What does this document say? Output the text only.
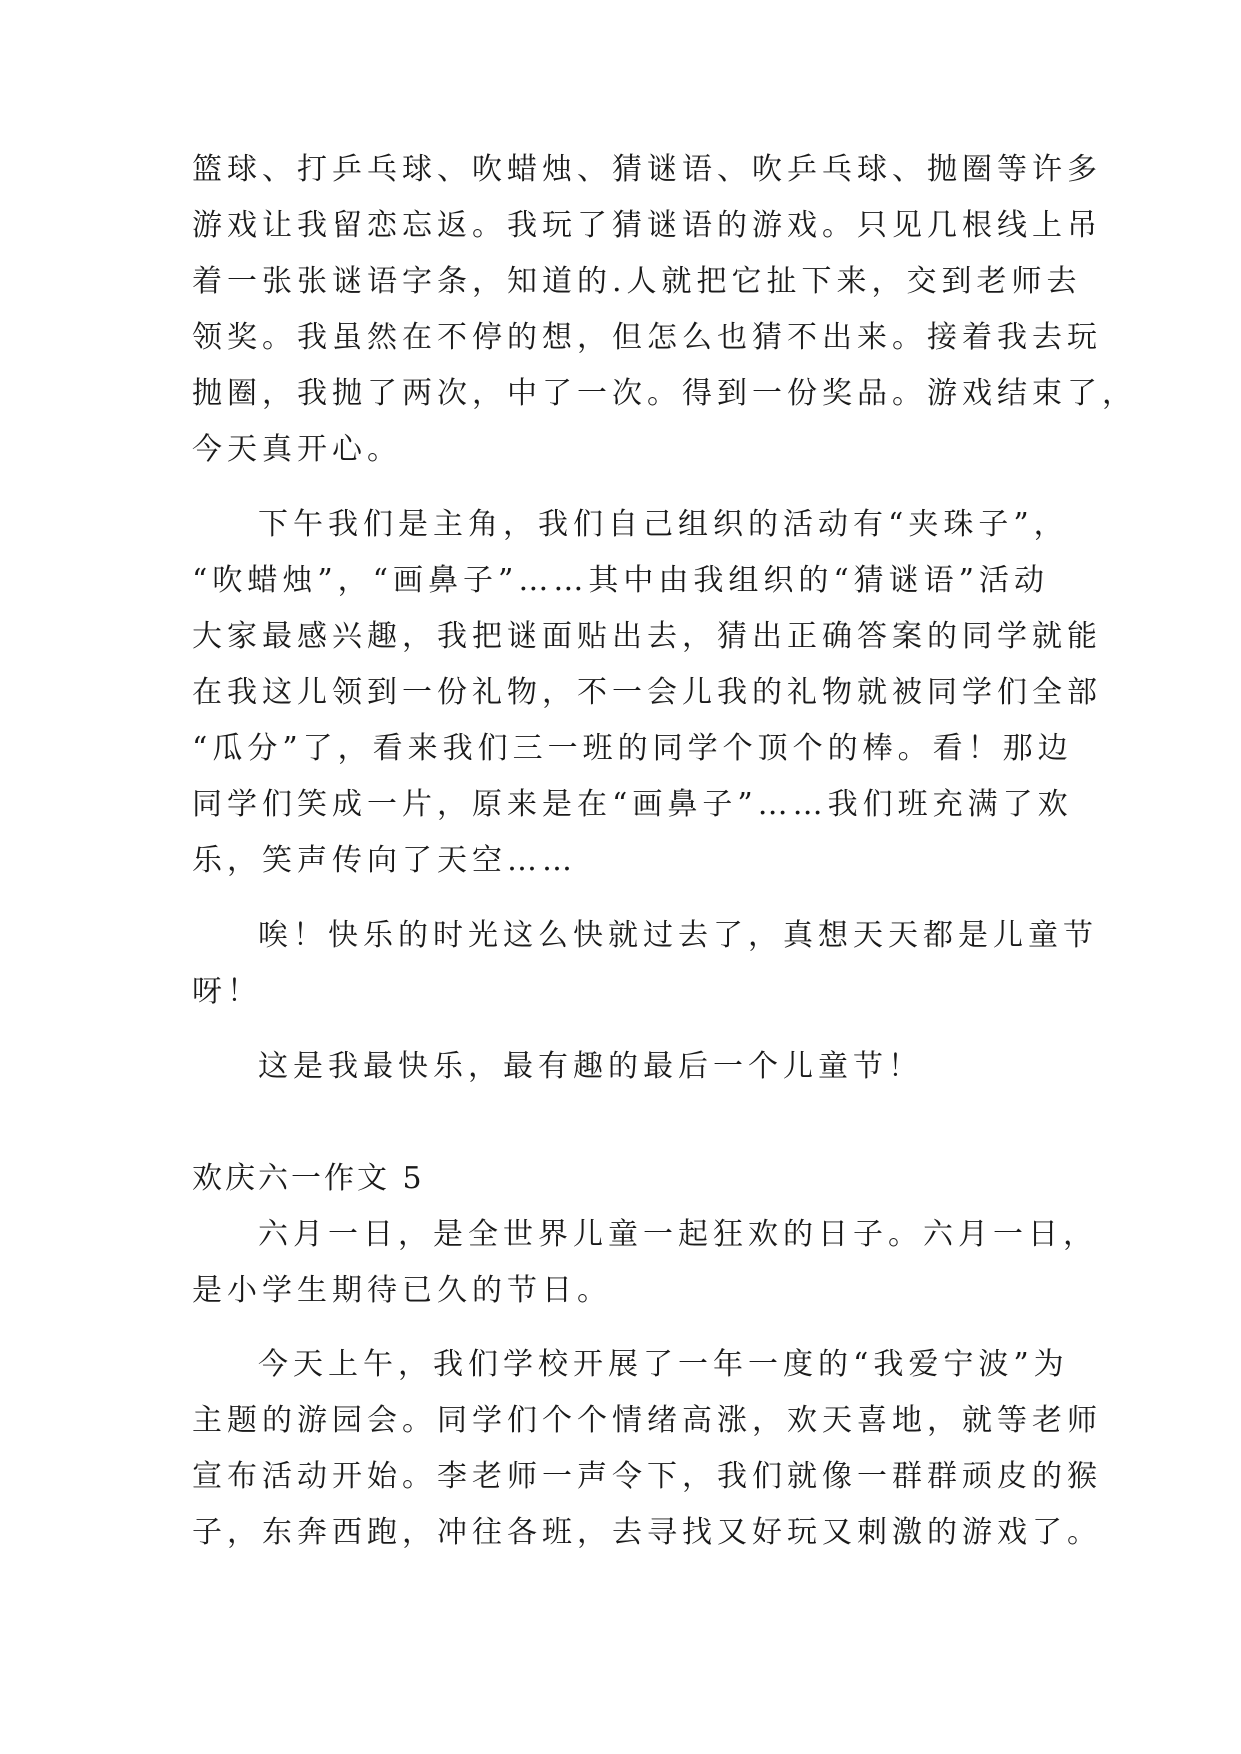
篮球、打乒乓球、吹蜡烛、猜谜语、吹乒乓球、抛圈等许多
游戏让我留恋忘返。我玩了猜谜语的游戏。只见几根线上吊
着一张张谜语字条，知道的.人就把它扯下来，交到老师去
领奖。我虽然在不停的想，但怎么也猜不出来。接着我去玩
抛圈，我抛了两次，中了一次。得到一份奖品。游戏结束了，
今天真开心。
下午我们是主角，我们自己组织的活动有“夹珠子”，
“吹蜡烛”，“画鼻子”……其中由我组织的“猜谜语”活动
大家最感兴趣，我把谜面贴出去，猜出正确答案的同学就能
在我这儿领到一份礼物，不一会儿我的礼物就被同学们全部
“瓜分”了，看来我们三一班的同学个顶个的棒。看！那边
同学们笑成一片，原来是在“画鼻子”……我们班充满了欢
乐，笑声传向了天空……
唉！快乐的时光这么快就过去了，真想天天都是儿童节
呀！
这是我最快乐，最有趣的最后一个儿童节！
欢庆六一作文 5
六月一日，是全世界儿童一起狂欢的日子。六月一日，
是小学生期待已久的节日。
今天上午，我们学校开展了一年一度的“我爱宁波”为
主题的游园会。同学们个个情绪高涨，欢天喜地，就等老师
宣布活动开始。李老师一声令下，我们就像一群群顽皮的猴
子，东奔西跑，冲往各班，去寻找又好玩又刺激的游戏了。
